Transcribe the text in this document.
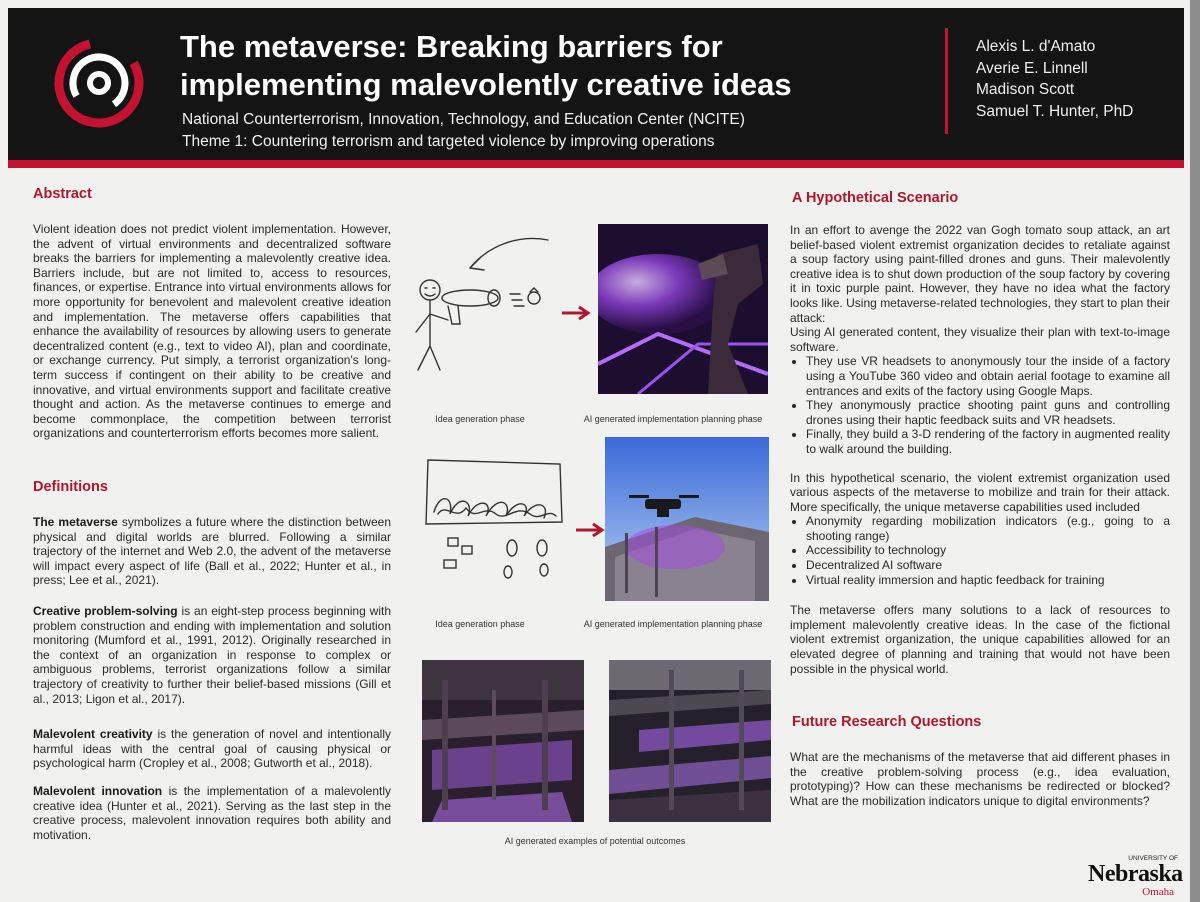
The metaverse: Breaking barriers for implementing malevolently creative ideas

National Counterterrorism, Innovation, Technology, and Education Center (NCITE)

Theme 1: Countering terrorism and targeted violence by improving operations

Alexis L. d'Amato
Averie E. Linnell
Madison Scott
Samuel T. Hunter, PhD
Abstract

Violent ideation does not predict violent implementation. However, the advent of virtual environments and decentralized software breaks the barriers for implementing a malevolently creative idea. Barriers include, but are not limited to, access to resources, finances, or expertise. Entrance into virtual environments allows for more opportunity for benevolent and malevolent creative ideation and implementation. The metaverse offers capabilities that enhance the availability of resources by allowing users to generate decentralized content (e.g., text to video AI), plan and coordinate, or exchange currency. Put simply, a terrorist organization's long-term success if contingent on their ability to be creative and innovative, and virtual environments support and facilitate creative thought and action. As the metaverse continues to emerge and become commonplace, the competition between terrorist organizations and counterterrorism efforts becomes more salient.

Definitions

The metaverse symbolizes a future where the distinction between physical and digital worlds are blurred. Following a similar trajectory of the internet and Web 2.0, the advent of the metaverse will impact every aspect of life (Ball et al., 2022; Hunter et al., in press; Lee et al., 2021).

Creative problem-solving is an eight-step process beginning with problem construction and ending with implementation and solution monitoring (Mumford et al., 1991, 2012). Originally researched in the context of an organization in response to complex or ambiguous problems, terrorist organizations follow a similar trajectory of creativity to further their belief-based missions (Gill et al., 2013; Ligon et al., 2017).

Malevolent creativity is the generation of novel and intentionally harmful ideas with the central goal of causing physical or psychological harm (Cropley et al., 2008; Gutworth et al., 2018).

Malevolent innovation is the implementation of a malevolently creative idea (Hunter et al., 2021). Serving as the last step in the creative process, malevolent innovation requires both ability and motivation.

Idea generation phase	AI generated implementation planning phase

Idea generation phase	AI generated implementation planning phase

AI generated examples of potential outcomes

A Hypothetical Scenario

In an effort to avenge the 2022 van Gogh tomato soup attack, an art belief-based violent extremist organization decides to retaliate against a soup factory using paint-filled drones and guns. Their malevolently creative idea is to shut down production of the soup factory by covering it in toxic purple paint. However, they have no idea what the factory looks like. Using metaverse-related technologies, they start to plan their attack:

Using AI generated content, they visualize their plan with text-to-image software.

• They use VR headsets to anonymously tour the inside of a factory using a YouTube 360 video and obtain aerial footage to examine all entrances and exits of the factory using Google Maps.
• They anonymously practice shooting paint guns and controlling drones using their haptic feedback suits and VR headsets.
• Finally, they build a 3-D rendering of the factory in augmented reality to walk around the building.

In this hypothetical scenario, the violent extremist organization used various aspects of the metaverse to mobilize and train for their attack. More specifically, the unique metaverse capabilities used included

• Anonymity regarding mobilization indicators (e.g., going to a shooting range)
• Accessibility to technology
• Decentralized AI software
• Virtual reality immersion and haptic feedback for training

The metaverse offers many solutions to a lack of resources to implement malevolently creative ideas. In the case of the fictional violent extremist organization, the unique capabilities allowed for an elevated degree of planning and training that would not have been possible in the physical world.

Future Research Questions

What are the mechanisms of the metaverse that aid different phases in the creative problem-solving process (e.g., idea evaluation, prototyping)? How can these mechanisms be redirected or blocked? What are the mobilization indicators unique to digital environments?

UNIVERSITY OF
Nebraska
Omaha
